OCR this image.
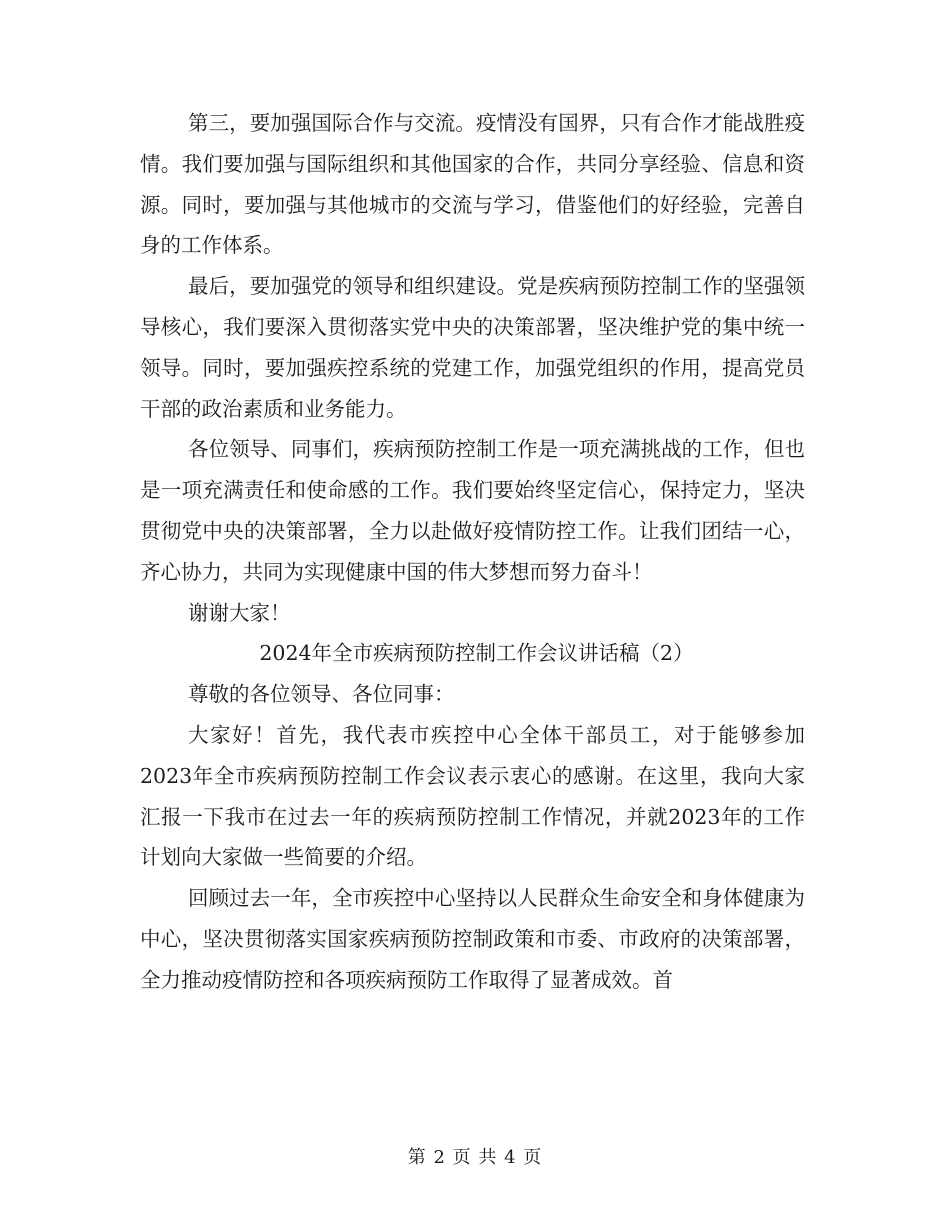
第三，要加强国际合作与交流。疫情没有国界，只有合作才能战胜疫情。我们要加强与国际组织和其他国家的合作，共同分享经验、信息和资源。同时，要加强与其他城市的交流与学习，借鉴他们的好经验，完善自身的工作体系。

最后，要加强党的领导和组织建设。党是疾病预防控制工作的坚强领导核心，我们要深入贯彻落实党中央的决策部署，坚决维护党的集中统一领导。同时，要加强疾控系统的党建工作，加强党组织的作用，提高党员干部的政治素质和业务能力。

各位领导、同事们，疾病预防控制工作是一项充满挑战的工作，但也是一项充满责任和使命感的工作。我们要始终坚定信心，保持定力，坚决贯彻党中央的决策部署，全力以赴做好疫情防控工作。让我们团结一心，齐心协力，共同为实现健康中国的伟大梦想而努力奋斗！

谢谢大家！

2024年全市疾病预防控制工作会议讲话稿（2）

尊敬的各位领导、各位同事：

大家好！首先，我代表市疾控中心全体干部员工，对于能够参加2023年全市疾病预防控制工作会议表示衷心的感谢。在这里，我向大家汇报一下我市在过去一年的疾病预防控制工作情况，并就2023年的工作计划向大家做一些简要的介绍。

回顾过去一年，全市疾控中心坚持以人民群众生命安全和身体健康为中心，坚决贯彻落实国家疾病预防控制政策和市委、市政府的决策部署，全力推动疫情防控和各项疾病预防工作取得了显著成效。首

第 2 页 共 4 页
